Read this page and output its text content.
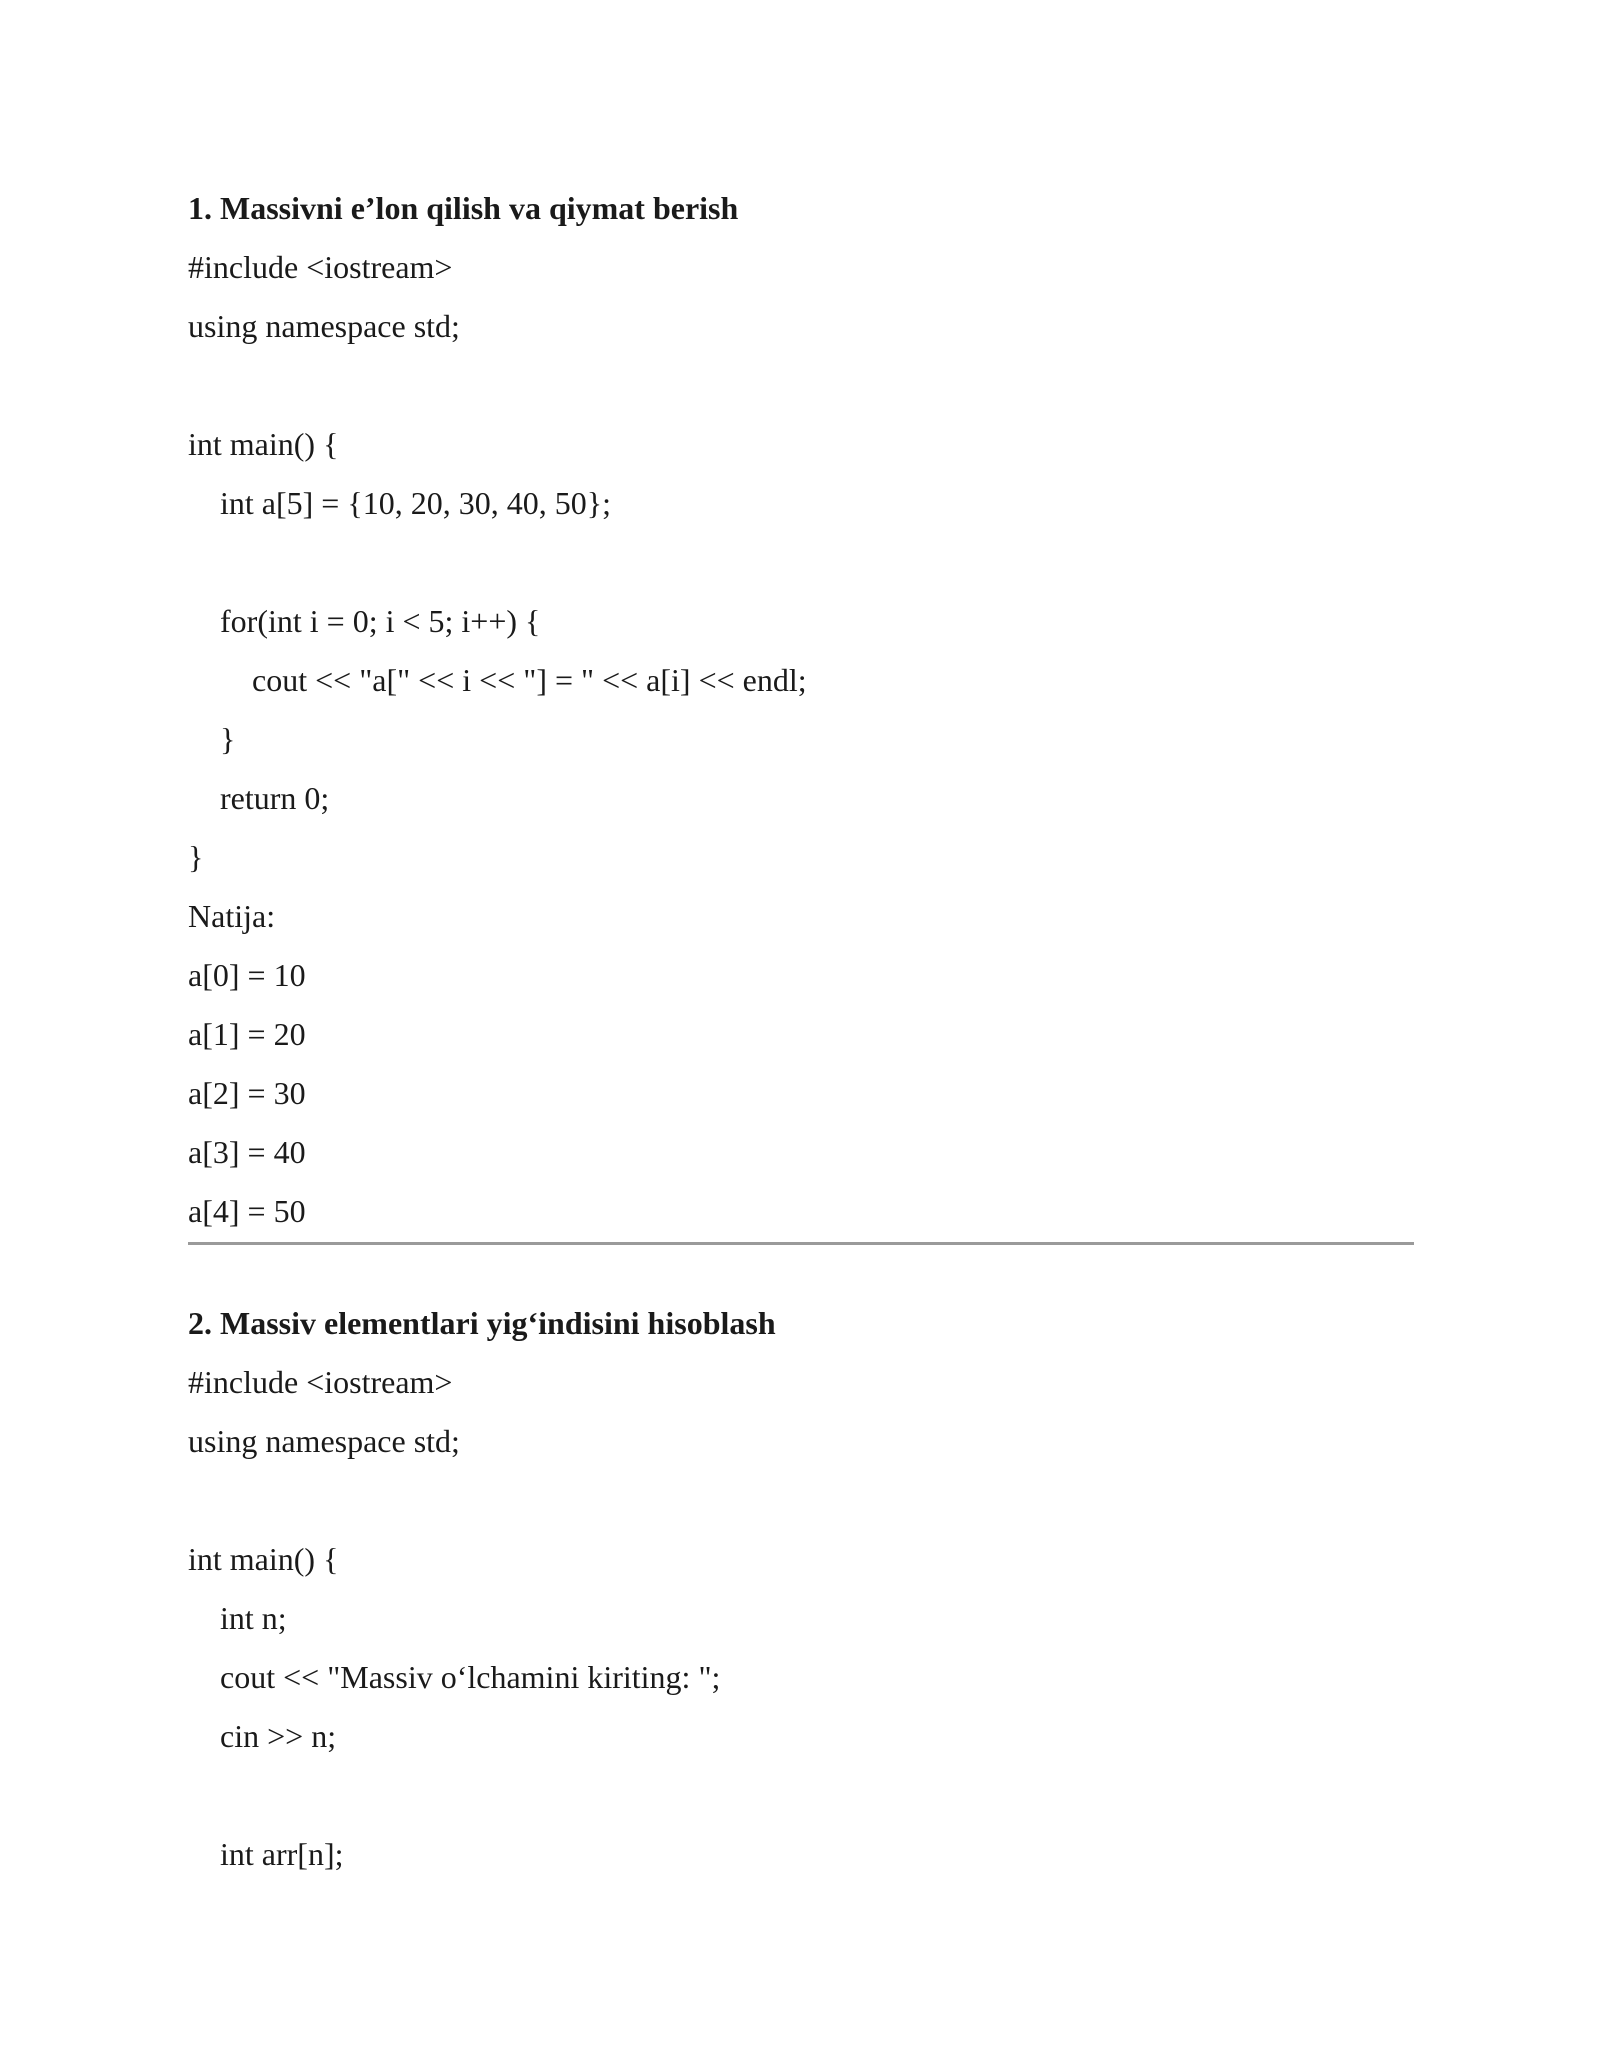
1. Massivni e’lon qilish va qiymat berish
#include <iostream>
using namespace std;
int main() {
int a[5] = {10, 20, 30, 40, 50};
for(int i = 0; i < 5; i++) {
cout << "a[" << i << "] = " << a[i] << endl;
}
return 0;
}
Natija:
a[0] = 10
a[1] = 20
a[2] = 30
a[3] = 40
a[4] = 50
2. Massiv elementlari yig‘indisini hisoblash
#include <iostream>
using namespace std;
int main() {
int n;
cout << "Massiv o‘lchamini kiriting: ";
cin >> n;
int arr[n];
